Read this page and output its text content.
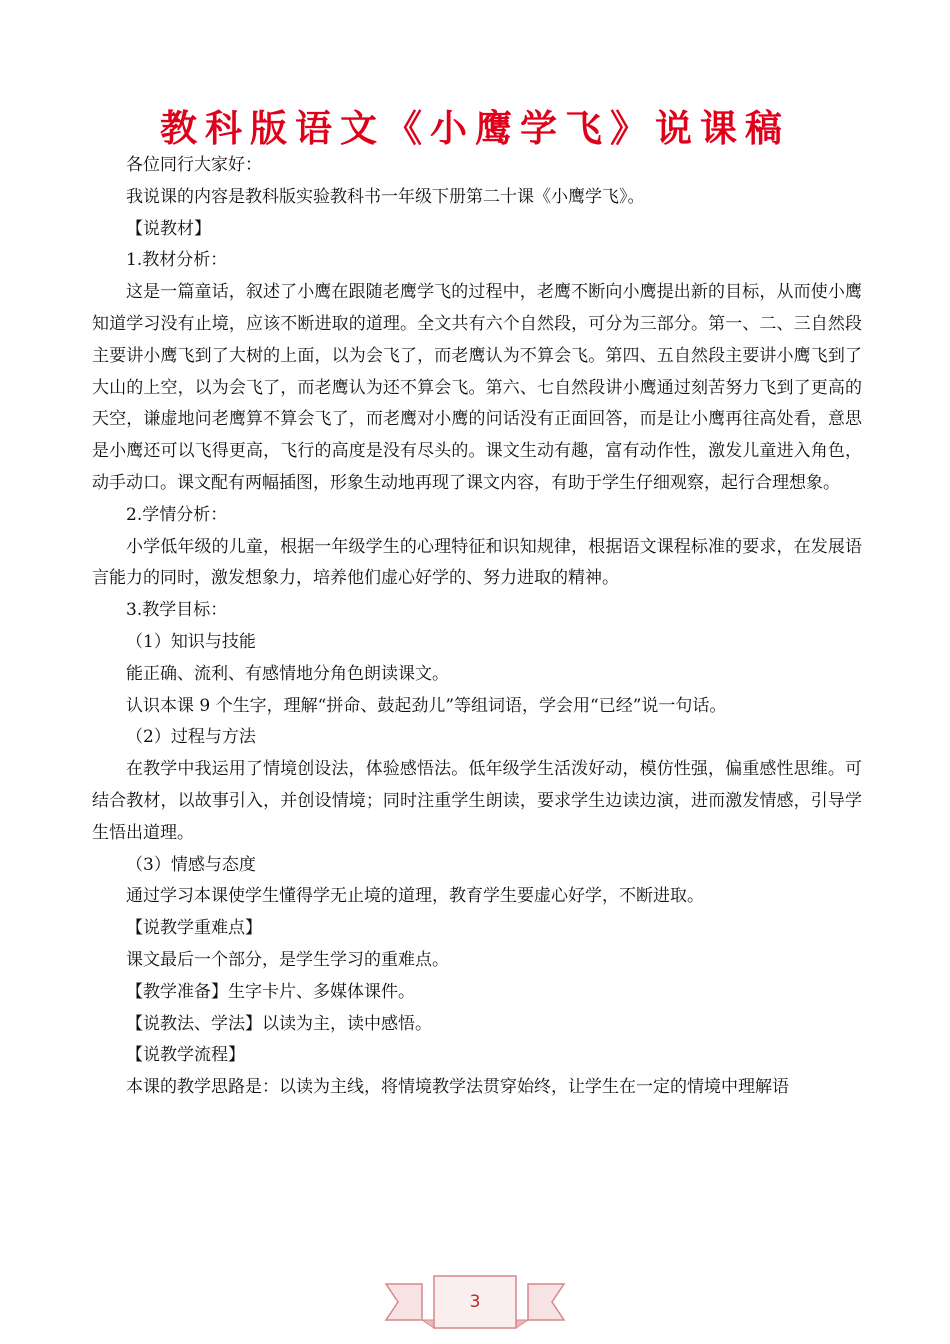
教科版语文《小鹰学飞》说课稿

各位同行大家好：

我说课的内容是教科版实验教科书一年级下册第二十课《小鹰学飞》。

【说教材】

1.教材分析：

这是一篇童话，叙述了小鹰在跟随老鹰学飞的过程中，老鹰不断向小鹰提出新的目标，从而使小鹰知道学习没有止境，应该不断进取的道理。全文共有六个自然段，可分为三部分。第一、二、三自然段主要讲小鹰飞到了大树的上面，以为会飞了，而老鹰认为不算会飞。第四、五自然段主要讲小鹰飞到了大山的上空，以为会飞了，而老鹰认为还不算会飞。第六、七自然段讲小鹰通过刻苦努力飞到了更高的天空，谦虚地问老鹰算不算会飞了，而老鹰对小鹰的问话没有正面回答，而是让小鹰再往高处看，意思是小鹰还可以飞得更高，飞行的高度是没有尽头的。课文生动有趣，富有动作性，激发儿童进入角色，动手动口。课文配有两幅插图，形象生动地再现了课文内容，有助于学生仔细观察，起行合理想象。

2.学情分析：

小学低年级的儿童，根据一年级学生的心理特征和识知规律，根据语文课程标准的要求，在发展语言能力的同时，激发想象力，培养他们虚心好学的、努力进取的精神。

3.教学目标：

（1）知识与技能

能正确、流利、有感情地分角色朗读课文。

认识本课 9 个生字，理解“拼命、鼓起劲儿”等组词语，学会用“已经”说一句话。

（2）过程与方法

在教学中我运用了情境创设法，体验感悟法。低年级学生活泼好动，模仿性强，偏重感性思维。可结合教材，以故事引入，并创设情境；同时注重学生朗读，要求学生边读边演，进而激发情感，引导学生悟出道理。

（3）情感与态度

通过学习本课使学生懂得学无止境的道理，教育学生要虚心好学，不断进取。

【说教学重难点】

课文最后一个部分，是学生学习的重难点。

【教学准备】生字卡片、多媒体课件。

【说教法、学法】以读为主，读中感悟。

【说教学流程】

本课的教学思路是：以读为主线，将情境教学法贯穿始终，让学生在一定的情境中理解语

3
